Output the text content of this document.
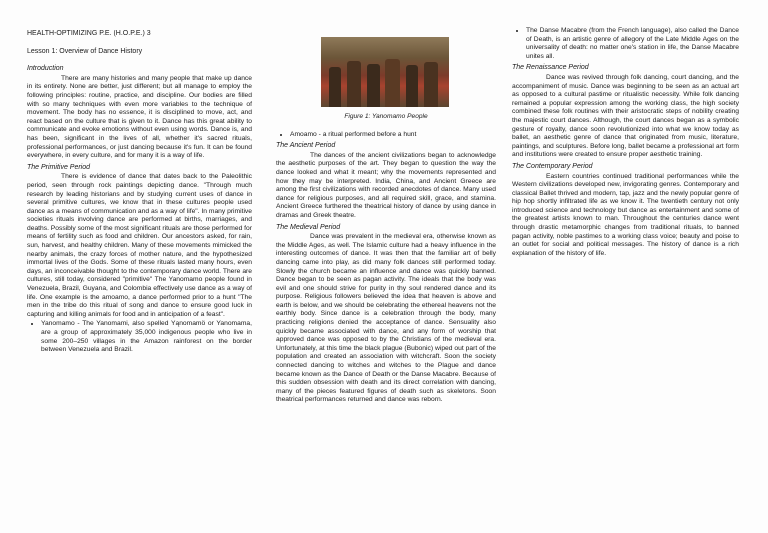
HEALTH-OPTIMIZING P.E. (H.O.P.E.) 3

Lesson 1: Overview of Dance History

Introduction

There are many histories and many people that make up dance in its entirety. None are better, just different; but all manage to employ the following principles: routine, practice, and discipline. Our bodies are filled with so many techniques with even more variables to the technique of movement. The body has no essence, it is disciplined to move, act, and react based on the culture that is given to it. Dance has this great ability to communicate and evoke emotions without even using words. Dance is, and has been, significant in the lives of all, whether it's sacred rituals, professional performances, or just dancing because it's fun. It can be found everywhere, in every culture, and for many it is a way of life.

The Primitive Period

There is evidence of dance that dates back to the Paleolithic period, seen through rock paintings depicting dance. "Through much research by leading historians and by studying current uses of dance in several primitive cultures, we know that in these cultures people used dance as a means of communication and as a way of life". In many primitive societies rituals involving dance are performed at births, marriages, and deaths. Possibly some of the most significant rituals are those performed for means of fertility such as food and children. Our ancestors asked, for rain, sun, harvest, and healthy children. Many of these movements mimicked the nearby animals, the crazy forces of mother nature, and the hypothesized immortal lives of the Gods. Some of these rituals lasted many hours, even days, an inconceivable thought to the contemporary dance world. There are cultures, still today, considered "primitive" The Yanomamo people found in Venezuela, Brazil, Guyana, and Colombia effectively use dance as a way of life. One example is the amoamo, a dance performed prior to a hunt "The men in the tribe do this ritual of song and dance to ensure good luck in capturing and killing animals for food and in anticipation of a feast".

• Yanomamo - The Yanomami, also spelled Yąnomamö or Yanomama, are a group of approximately 35,000 indigenous people who live in some 200–250 villages in the Amazon rainforest on the border between Venezuela and Brazil.

Figure 1: Yanomamo People

• Amoamo - a ritual performed before a hunt

The Ancient Period

The dances of the ancient civilizations began to acknowledge the aesthetic purposes of the art. They began to question the way the dance looked and what it meant; why the movements represented and how they may be interpreted. India, China, and Ancient Greece are among the first civilizations with recorded anecdotes of dance. Many used dance for religious purposes, and all required skill, grace, and stamina. Ancient Greece furthered the theatrical history of dance by using dance in dramas and Greek theatre.

The Medieval Period

Dance was prevalent in the medieval era, otherwise known as the Middle Ages, as well. The Islamic culture had a heavy influence in the interesting outcomes of dance. It was then that the familiar art of belly dancing came into play, as did many folk dances still performed today. Slowly the church became an influence and dance was quickly banned. Dance began to be seen as pagan activity. The ideals that the body was evil and one should strive for purity in thy soul rendered dance and its purpose. Religious followers believed the idea that heaven is above and earth is below, and we should be celebrating the ethereal heavens not the earthly body. Since dance is a celebration through the body, many practicing religions denied the acceptance of dance. Sensuality also quickly became associated with dance, and any form of worship that approved dance was opposed to by the Christians of the medieval era. Unfortunately, at this time the black plague (Bubonic) wiped out part of the population and created an association with witchcraft. Soon the society connected dancing to witches and witches to the Plague and dance became known as the Dance of Death or the Danse Macabre. Because of this sudden obsession with death and its direct correlation with dancing, many of the pieces featured figures of death such as skeletons. Soon theatrical performances returned and dance was reborn.

• The Danse Macabre (from the French language), also called the Dance of Death, is an artistic genre of allegory of the Late Middle Ages on the universality of death: no matter one's station in life, the Danse Macabre unites all.

The Renaissance Period

Dance was revived through folk dancing, court dancing, and the accompaniment of music. Dance was beginning to be seen as an actual art as opposed to a cultural pastime or ritualistic necessity. While folk dancing remained a popular expression among the working class, the high society combined these folk routines with their aristocratic steps of nobility creating the majestic court dances. Although, the court dances began as a symbolic gesture of royalty, dance soon revolutionized into what we know today as ballet, an aesthetic genre of dance that originated from music, literature, paintings, and sculptures. Before long, ballet became a professional art form and institutions were created to ensure proper aesthetic training.

The Contemporary Period

Eastern countries continued traditional performances while the Western civilizations developed new, invigorating genres. Contemporary and classical Ballet thrived and modern, tap, jazz and the newly popular genre of hip hop shortly infiltrated life as we know it. The twentieth century not only introduced science and technology but dance as entertainment and some of the greatest artists known to man. Throughout the centuries dance went through drastic metamorphic changes from traditional rituals, to banned pagan activity, noble pastimes to a working class voice; beauty and poise to an outlet for social and political messages. The history of dance is a rich explanation of the history of life.
